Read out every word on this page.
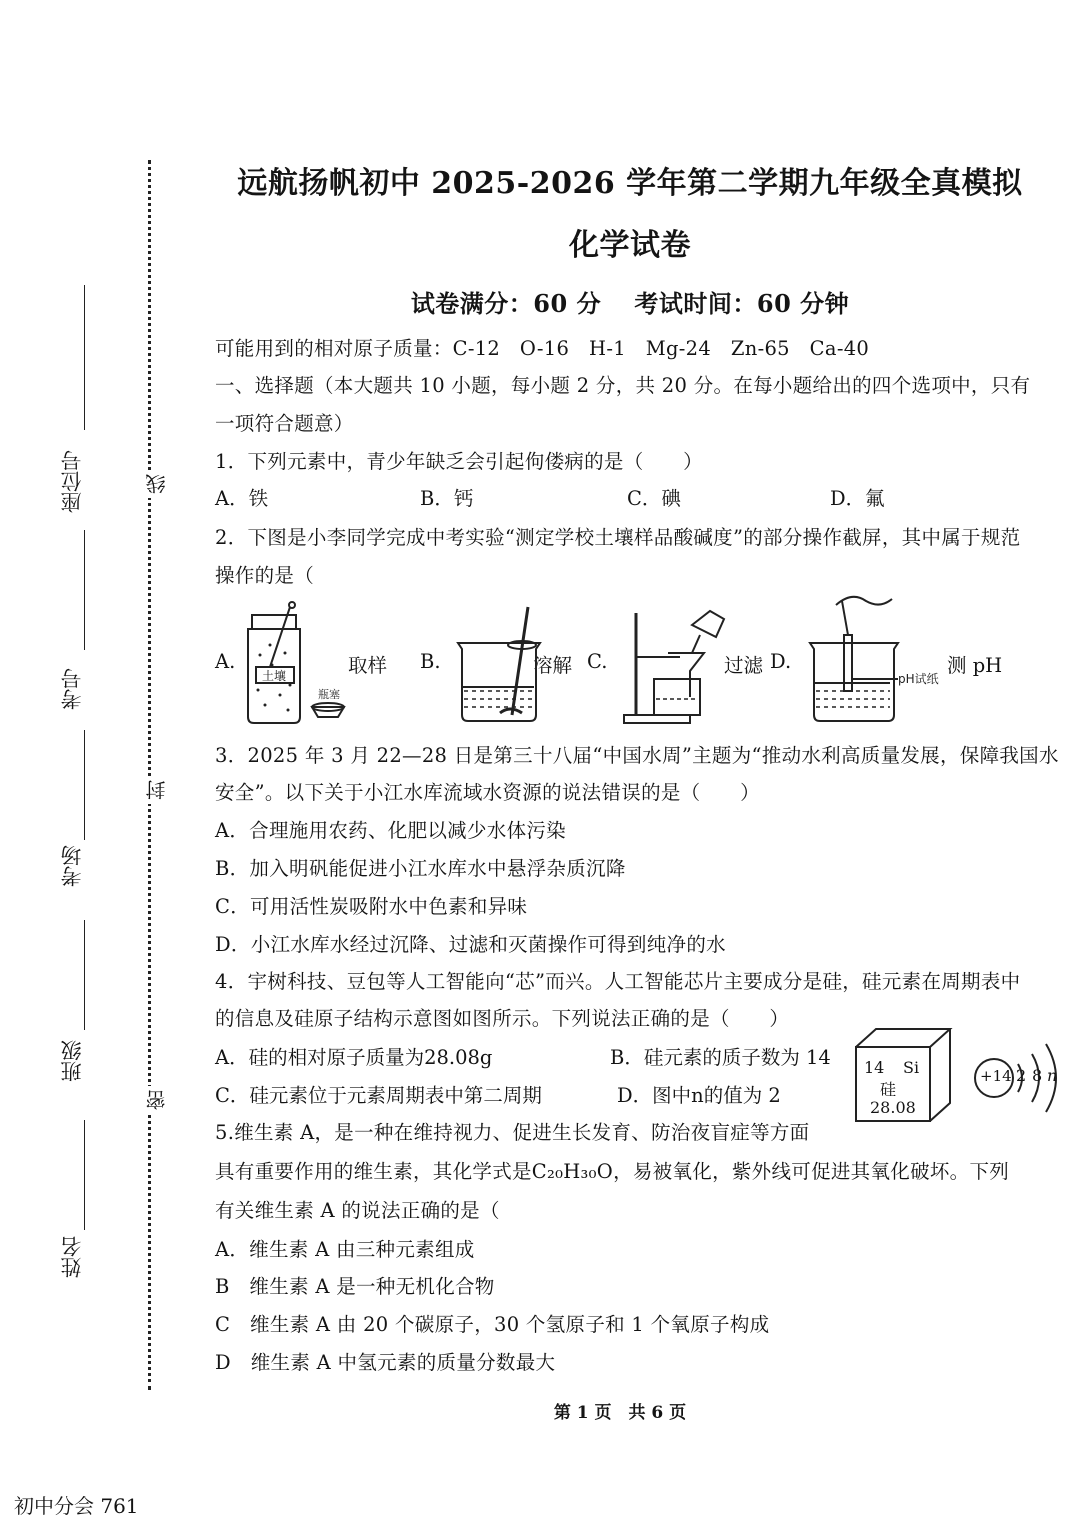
线
封
密
座位号
考号
考场
班级
姓名
远航扬帆初中 2025-2026 学年第二学期九年级全真模拟
化学试卷
试卷满分：60 分　 考试时间：60 分钟
可能用到的相对原子质量：C-12　O-16　H-1　Mg-24　Zn-65　Ca-40
一、选择题（本大题共 10 小题，每小题 2 分，共 20 分。在每小题给出的四个选项中，只有
一项符合题意）
1．下列元素中，青少年缺乏会引起佝偻病的是（　　）
A．铁	B．钙	C．碘	D．氟
2．下图是小李同学完成中考实验“测定学校土壤样品酸碱度”的部分操作截屏，其中属于规范
操作的是（
A.	取样 B.	溶解 C.	过滤 D.	测 pH
土壤
瓶塞
pH试纸
3．2025 年 3 月 22—28 日是第三十八届“中国水周”主题为“推动水利高质量发展，保障我国水
安全”。以下关于小江水库流域水资源的说法错误的是（　　）
A．合理施用农药、化肥以减少水体污染
B．加入明矾能促进小江水库水中悬浮杂质沉降
C．可用活性炭吸附水中色素和异味
D．小江水库水经过沉降、过滤和灭菌操作可得到纯净的水
4．宇树科技、豆包等人工智能向“芯”而兴。人工智能芯片主要成分是硅，硅元素在周期表中
的信息及硅原子结构示意图如图所示。下列说法正确的是（　　）
A．硅的相对原子质量为28.08g	B．硅元素的质子数为 14
C．硅元素位于元素周期表中第二周期	D．图中n的值为 2
14 Si
硅
28.08
+14 2 8 n
5.维生素 A，是一种在维持视力、促进生长发育、防治夜盲症等方面
具有重要作用的维生素，其化学式是C₂₀H₃₀O，易被氧化，紫外线可促进其氧化破坏。下列
有关维生素 A 的说法正确的是（
A．维生素 A 由三种元素组成
B　维生素 A 是一种无机化合物
C　维生素 A 由 20 个碳原子，30 个氢原子和 1 个氧原子构成
D　维生素 A 中氢元素的质量分数最大
第 1 页　共 6 页
初中分会 761
